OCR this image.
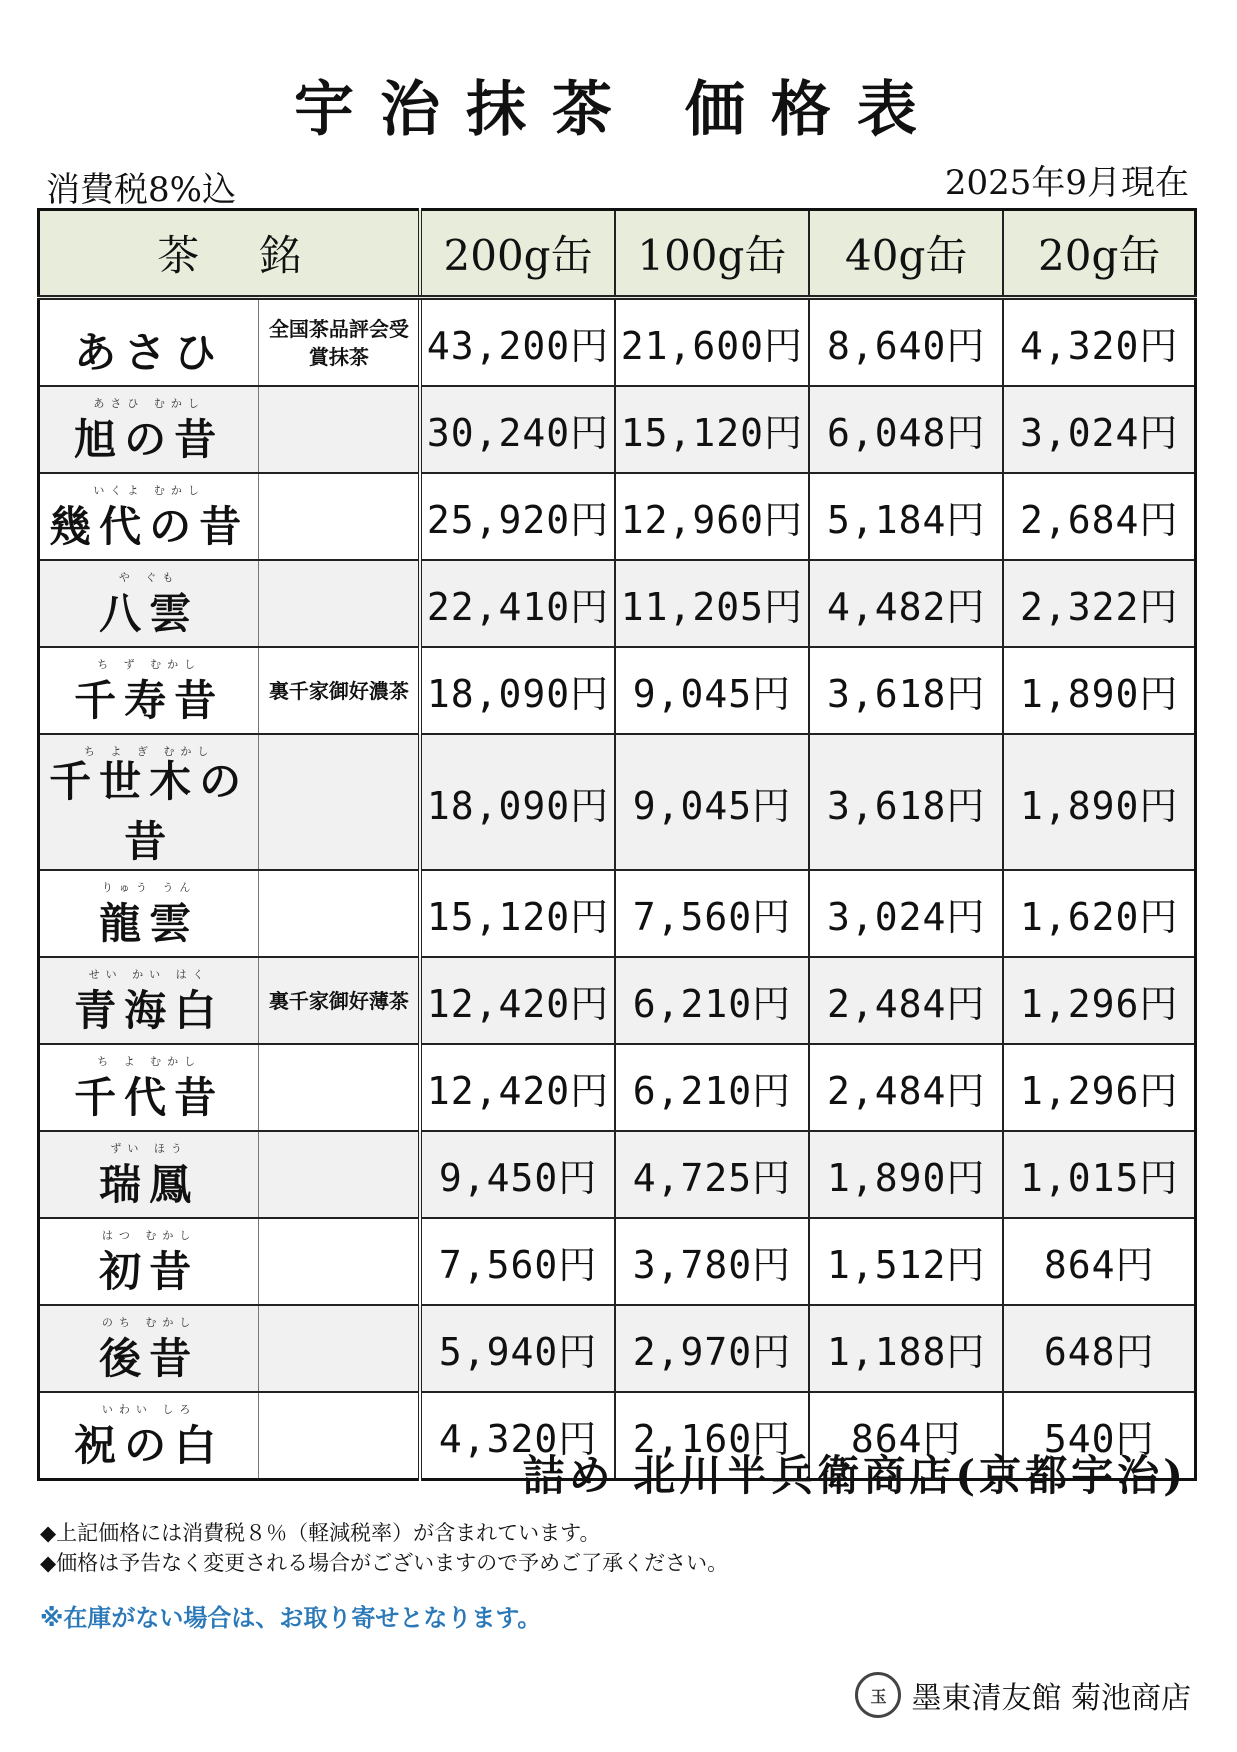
宇治抹茶 価格表
消費税8%込	2025年9月現在
茶銘		200g缶	100g缶	40g缶	20g缶

あさひ	全国茶品評会受賞抹茶	43,200円	21,600円	8,640円	4,320円

あさひ むかし
旭の昔		30,240円	15,120円	6,048円	3,024円

いくよ むかし
幾代の昔		25,920円	12,960円	5,184円	2,684円

や ぐも
八雲		22,410円	11,205円	4,482円	2,322円

ち ず むかし
千寿昔	裏千家御好濃茶	18,090円	9,045円	3,618円	1,890円

ち よ ぎ むかし
千世木の昔		18,090円	9,045円	3,618円	1,890円

りゅう うん
龍雲		15,120円	7,560円	3,024円	1,620円

せい かい はく
青海白	裏千家御好薄茶	12,420円	6,210円	2,484円	1,296円

ち よ むかし
千代昔		12,420円	6,210円	2,484円	1,296円

ずい ほう
瑞鳳		9,450円	4,725円	1,890円	1,015円

はつ むかし
初昔		7,560円	3,780円	1,512円	864円

のち むかし
後昔		5,940円	2,970円	1,188円	648円

いわい しろ
祝の白		4,320円	2,160円	864円	540円
詰め 北川半兵衛商店(京都宇治)
◆上記価格には消費税８％（軽減税率）が含まれています。
◆価格は予告なく変更される場合がございますので予めご了承ください。
※在庫がない場合は、お取り寄せとなります。
玉 墨東清友館 菊池商店
